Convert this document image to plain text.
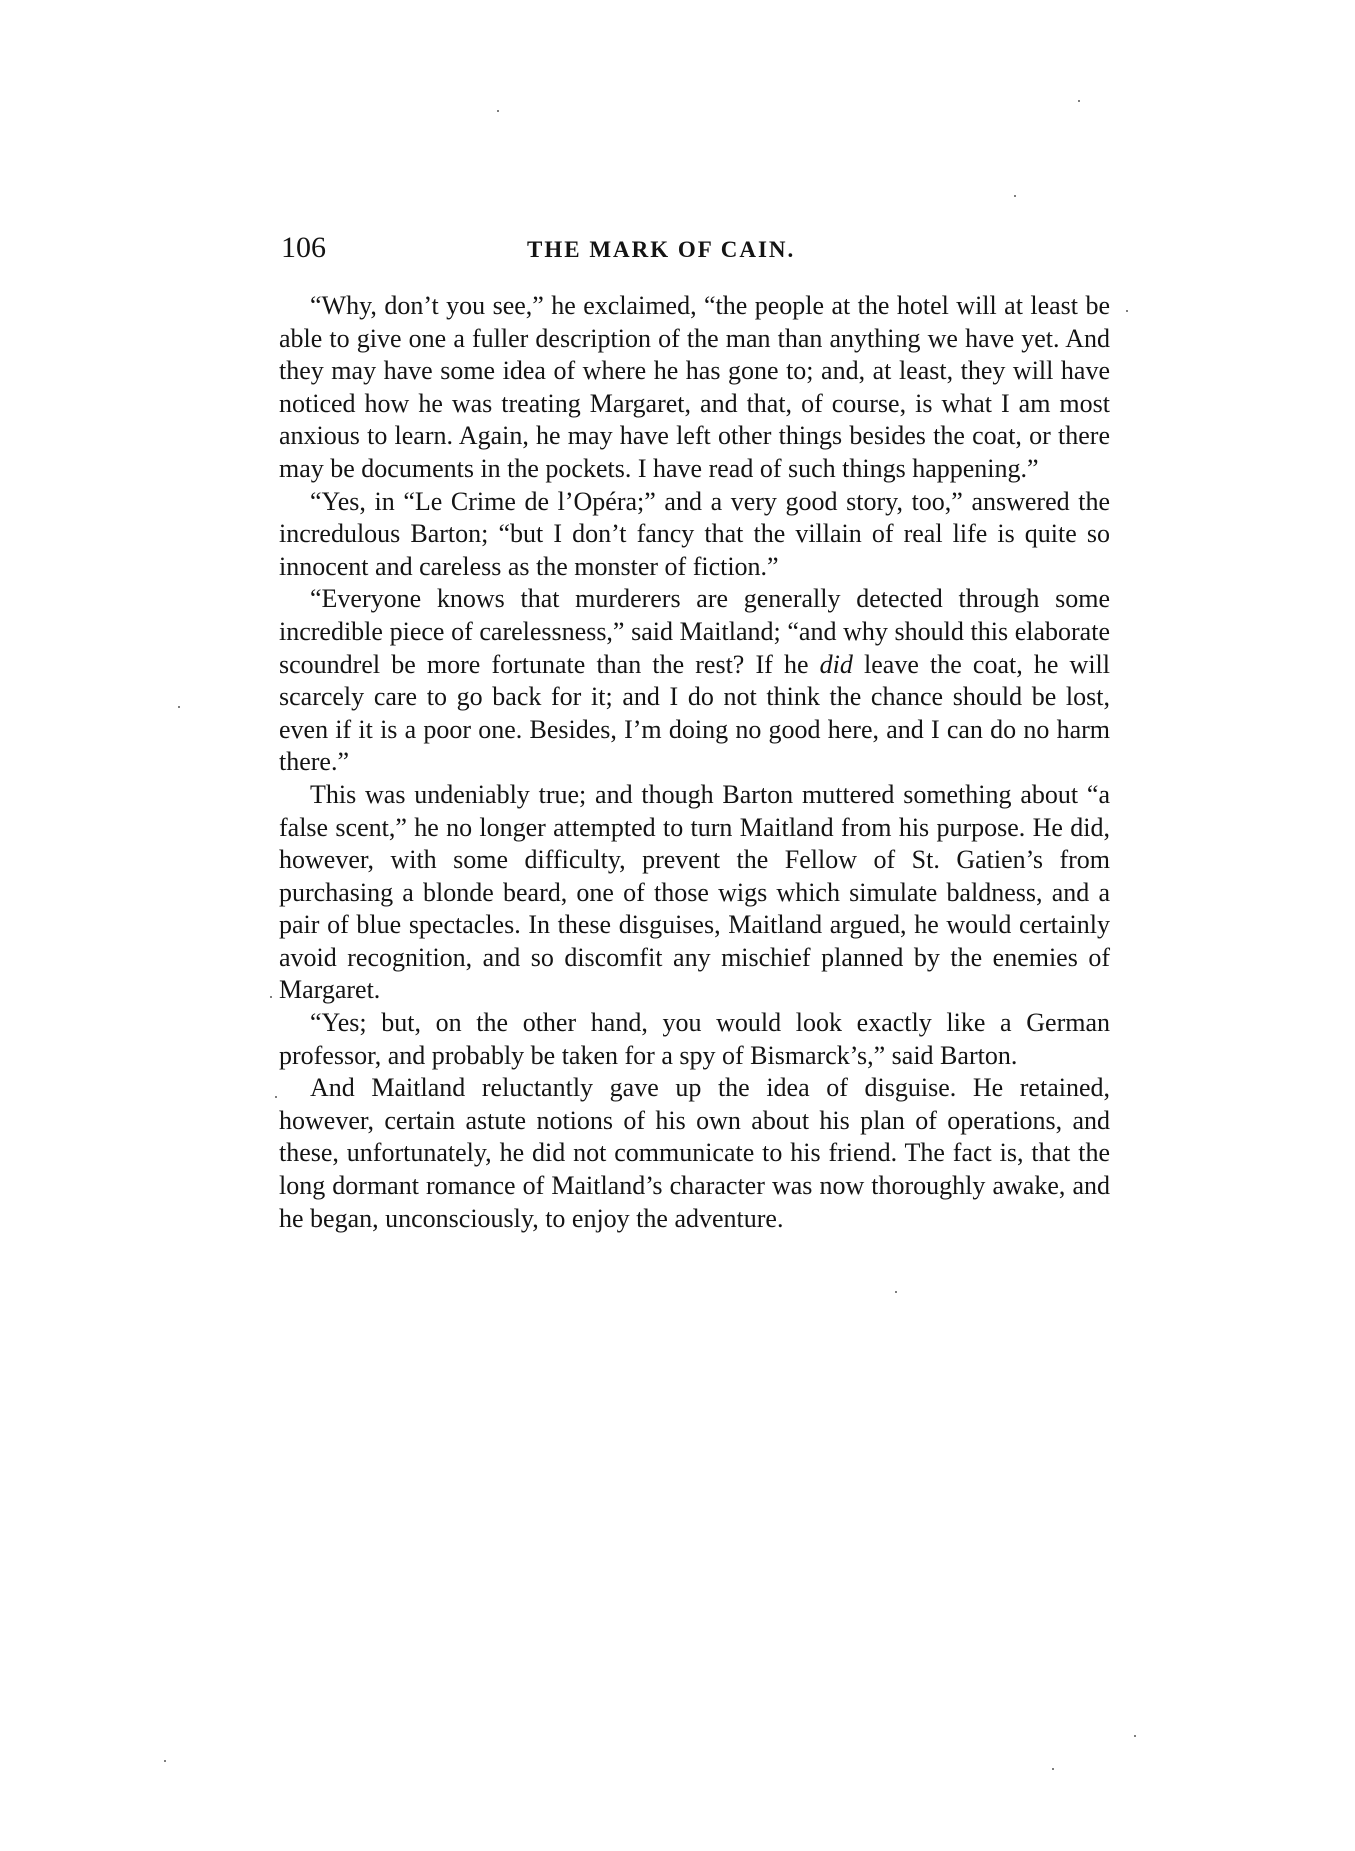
106	THE MARK OF CAIN.

“Why, don’t you see,” he exclaimed, “the people at the hotel will at least be able to give one a fuller description of the man than anything we have yet. And they may have some idea of where he has gone to; and, at least, they will have noticed how he was treating Margaret, and that, of course, is what I am most anxious to learn. Again, he may have left other things besides the coat, or there may be documents in the pockets. I have read of such things happening.”

“Yes, in “Le Crime de l’Opéra;” and a very good story, too,” answered the incredulous Barton; “but I don’t fancy that the villain of real life is quite so innocent and careless as the monster of fiction.”

“Everyone knows that murderers are generally detected through some incredible piece of carelessness,” said Maitland; “and why should this elaborate scoundrel be more fortunate than the rest? If he did leave the coat, he will scarcely care to go back for it; and I do not think the chance should be lost, even if it is a poor one. Besides, I’m doing no good here, and I can do no harm there.”

This was undeniably true; and though Barton muttered something about “a false scent,” he no longer attempted to turn Maitland from his purpose. He did, however, with some difficulty, prevent the Fellow of St. Gatien’s from purchasing a blonde beard, one of those wigs which simulate baldness, and a pair of blue spectacles. In these disguises, Maitland argued, he would certainly avoid recognition, and so discomfit any mischief planned by the enemies of Margaret.

“Yes; but, on the other hand, you would look exactly like a German professor, and probably be taken for a spy of Bismarck’s,” said Barton.

And Maitland reluctantly gave up the idea of disguise. He retained, however, certain astute notions of his own about his plan of operations, and these, unfortunately, he did not communicate to his friend. The fact is, that the long dormant romance of Maitland’s character was now thoroughly awake, and he began, unconsciously, to enjoy the adventure.
